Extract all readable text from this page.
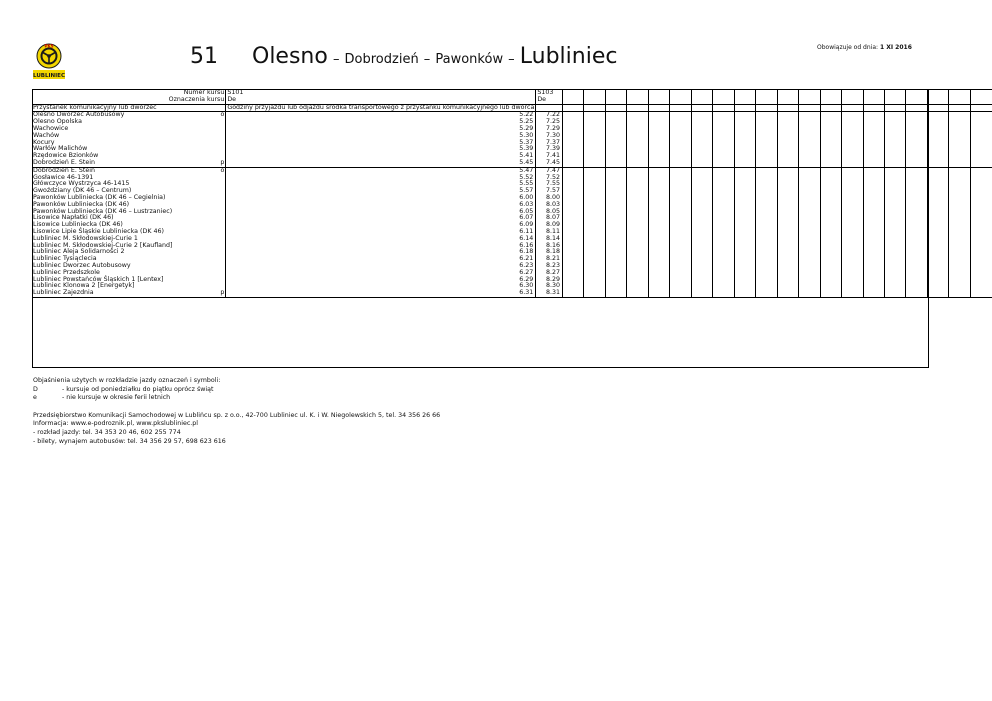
PKS
LUBLINIEC
51 Olesno – Dobrodzień – Pawonków – Lubliniec	Obowiązuje od dnia: 1 XI 2016
Numer kursu		S101	S103																				
Oznaczenia kursu		De	De																				
Przystanek komunikacyjny lub dworzec		Godziny przyjazdu lub odjazdu środka transportowego z przystanku komunikacyjnego lub dworca																					
Olesno Dworzec Autobusowy	o	5.22	7.22																				
Olesno Opolska		5.25	7.25																				
Wachowice		5.29	7.29																				
Wachów		5.30	7.30																				
Kocury		5.37	7.37																				
Warłów Malichów		5.39	7.39																				
Rzędowice Bzionków		5.41	7.41																				
Dobrodzień E. Stein	p	5.45	7.45																				
Dobrodzień E. Stein	o	5.47	7.47																				
Gosławice 46-1391		5.52	7.52																				
Główczyce Wystrzyca 46-1415		5.55	7.55																				
Gwoździany (DK 46 – Centrum)		5.57	7.57																				
Pawonków Lubliniecka (DK 46 – Cegielnia)		6.00	8.00																				
Pawonków Lubliniecka (DK 46)		6.03	8.03																				
Pawonków Lubliniecka (DK 46 – Lustrzaniec)		6.05	8.05																				
Lisowice Napłatki (DK 46)		6.07	8.07																				
Lisowice Lubliniecka (DK 46)		6.09	8.09																				
Lisowice Lipie Śląskie Lubliniecka (DK 46)		6.11	8.11																				
Lubliniec M. Skłodowskiej-Curie 1		6.14	8.14																				
Lubliniec M. Skłodowskiej-Curie 2 [Kaufland]		6.16	8.16																				
Lubliniec Aleja Solidarności 2		6.18	8.18																				
Lubliniec Tysiąclecia		6.21	8.21																				
Lubliniec Dworzec Autobusowy		6.23	8.23																				
Lubliniec Przedszkole		6.27	8.27																				
Lubliniec Powstańców Śląskich 1 [Lentex]		6.29	8.29																				
Lubliniec Klonowa 2 [Energetyk]		6.30	8.30																				
Lubliniec Zajezdnia	p	6.31	8.31																				
Objaśnienia użytych w rozkładzie jazdy oznaczeń i symboli:
D	- kursuje od poniedziałku do piątku oprócz świąt
e	- nie kursuje w okresie ferii letnich
Przedsiębiorstwo Komunikacji Samochodowej w Lublińcu sp. z o.o., 42-700 Lubliniec ul. K. i W. Niegolewskich 5, tel. 34 356 26 66
Informacja: www.e-podroznik.pl, www.pkslubliniec.pl
- rozkład jazdy: tel. 34 353 20 46, 602 255 774
- bilety, wynajem autobusów: tel. 34 356 29 57, 698 623 616
